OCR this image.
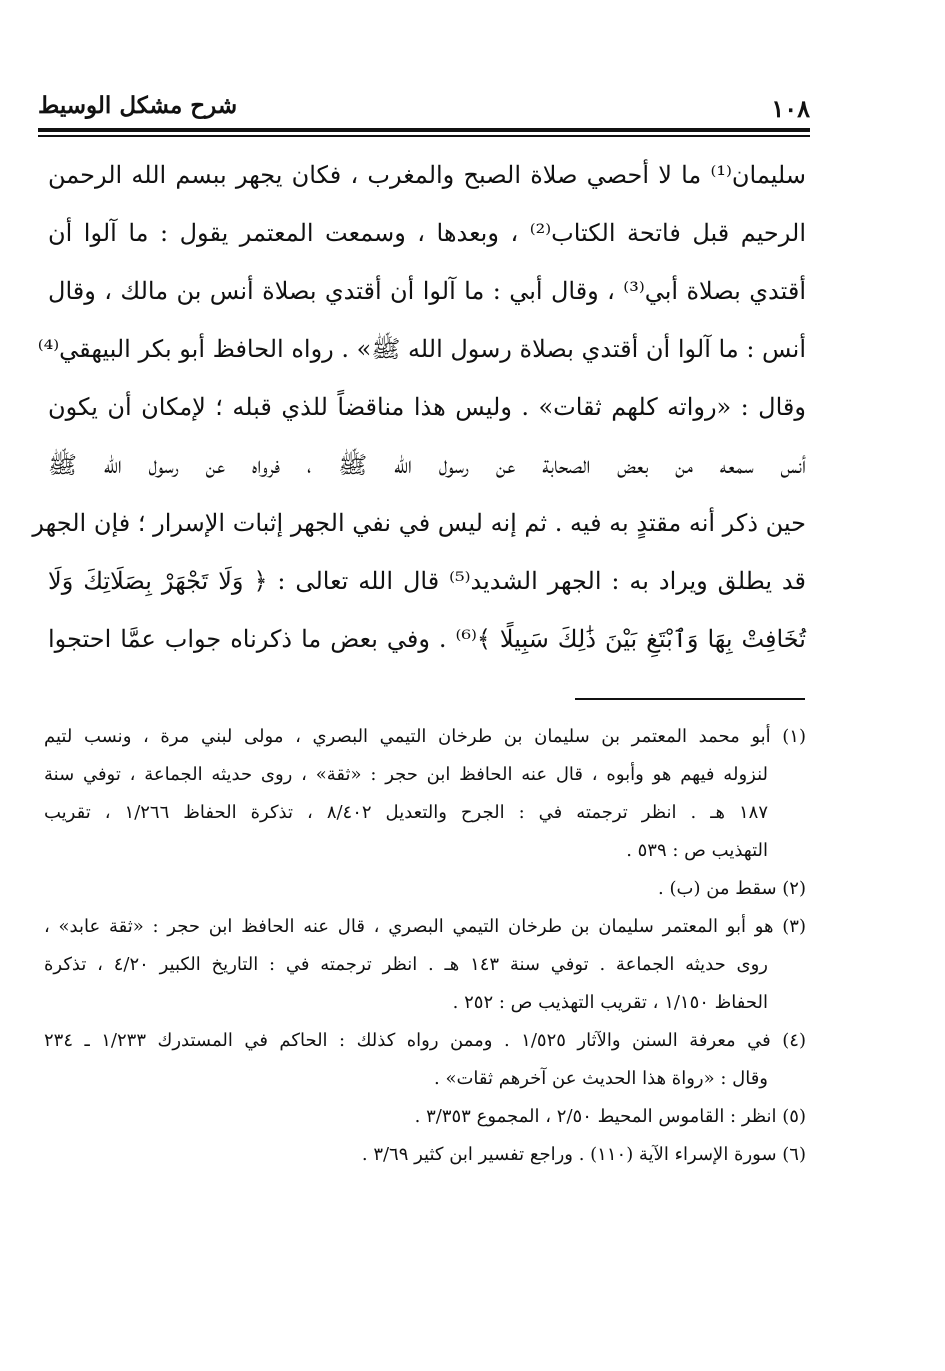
شرح مشكل الوسيط	١٠٨
سليمان⁽¹⁾ ما لا أحصي صلاة الصبح والمغرب ، فكان يجهر ببسم الله الرحمن
الرحيم قبل فاتحة الكتاب⁽²⁾ ، وبعدها ، وسمعت المعتمر يقول : ما آلوا أن
أقتدي بصلاة أبي⁽³⁾ ، وقال أبي : ما آلوا أن أقتدي بصلاة أنس بن مالك ، وقال
أنس : ما آلوا أن أقتدي بصلاة رسول الله ﷺ» . رواه الحافظ أبو بكر البيهقي⁽⁴⁾
وقال : «رواته كلهم ثقات» . وليس هذا مناقضاً للذي قبله ؛ لإمكان أن يكون
أنس سمعه من بعض الصحابة عن رسول الله ﷺ ، فرواه عن رسول الله ﷺ
حين ذكر أنه مقتدٍ به فيه . ثم إنه ليس في نفي الجهر إثبات الإسرار ؛ فإن الجهر
قد يطلق ويراد به : الجهر الشديد⁽⁵⁾ قال الله تعالى : ﴿ وَلَا تَجْهَرْ بِصَلَاتِكَ وَلَا
تُخَافِتْ بِهَا وَٱبْتَغِ بَيْنَ ذَٰلِكَ سَبِيلًا ﴾⁽⁶⁾ . وفي بعض ما ذكرناه جواب عمَّا احتجوا
(١) أبو محمد المعتمر بن سليمان بن طرخان التيمي البصري ، مولى لبني مرة ، ونسب لتيم
لنزوله فيهم هو وأبوه ، قال عنه الحافظ ابن حجر : «ثقة» ، روى حديثه الجماعة ، توفي سنة
١٨٧ هـ . انظر ترجمته في : الجرح والتعديل ٨/٤٠٢ ، تذكرة الحفاظ ١/٢٦٦ ، تقريب
التهذيب ص : ٥٣٩ .
(٢) سقط من (ب) .
(٣) هو أبو المعتمر سليمان بن طرخان التيمي البصري ، قال عنه الحافظ ابن حجر : «ثقة عابد» ،
روى حديثه الجماعة . توفي سنة ١٤٣ هـ . انظر ترجمته في : التاريخ الكبير ٤/٢٠ ، تذكرة
الحفاظ ١/١٥٠ ، تقريب التهذيب ص : ٢٥٢ .
(٤) في معرفة السنن والآثار ١/٥٢٥ . وممن رواه كذلك : الحاكم في المستدرك ١/٢٣٣ ـ ٢٣٤
وقال : «رواة هذا الحديث عن آخرهم ثقات» .
(٥) انظر : القاموس المحيط ٢/٥٠ ، المجموع ٣/٣٥٣ .
(٦) سورة الإسراء الآية (١١٠) . وراجع تفسير ابن كثير ٣/٦٩ .
